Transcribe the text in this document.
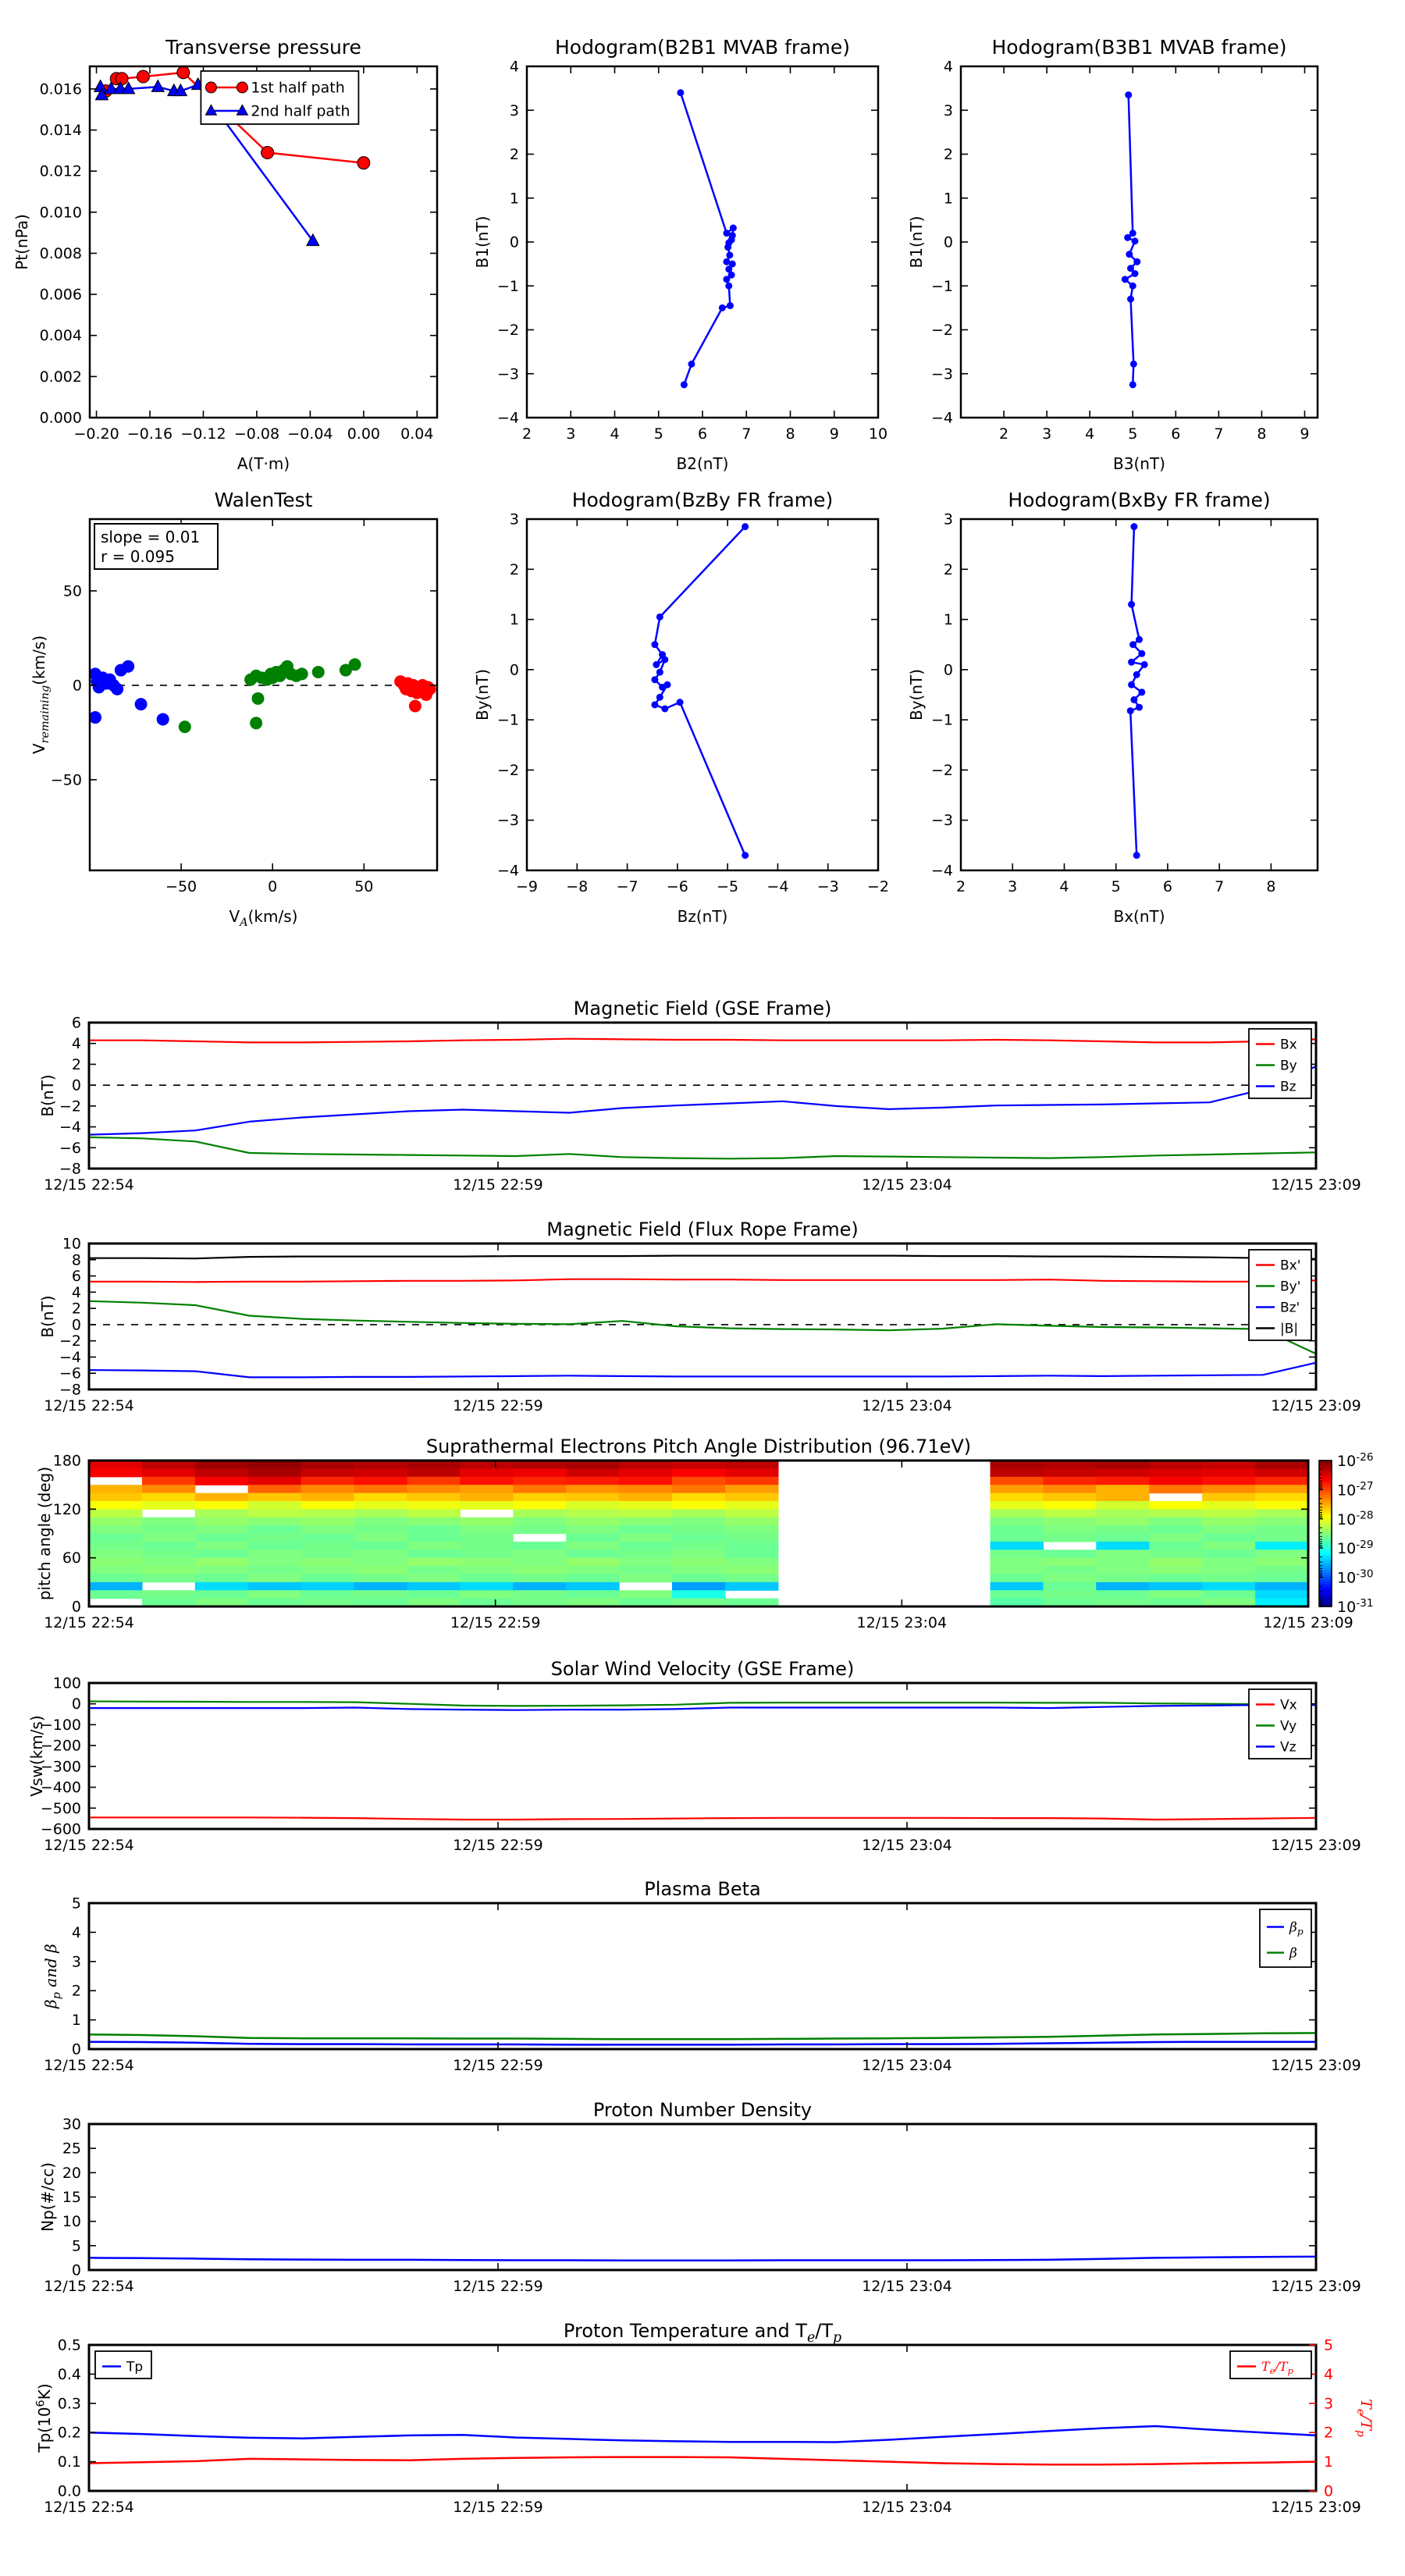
−0.20 −0.16 −0.12 −0.08 −0.04 0.00 0.04
0.000
0.002
0.004
0.006
0.008
0.010
0.012
0.014
0.016
Transverse pressure
A(T·m)
Pt(nPa)
1st half path
2nd half path
2 3 4 5 6 7 8 9 10
−4
−3
−2
−1
0
1
2
3
4
Hodogram(B2B1 MVAB frame)
B2(nT)
B1(nT)
2 3 4 5 6 7 8 9
−4
−3
−2
−1
0
1
2
3
4
Hodogram(B3B1 MVAB frame)
B3(nT)
B1(nT)
−50	0	50
−50
0
50
WalenTest
$V_A(km/s)$
$V_{remaining}(km/s)$
slope = 0.01
r = 0.095
−9 −8 −7 −6 −5 −4 −3 −2
−4
−3
−2
−1
0
1
2
3
Hodogram(BzBy FR frame)
Bz(nT)
By(nT)
2	3	4	5	6	7	8
−4
−3
−2
−1
0
1
2
3
Hodogram(BxBy FR frame)
Bx(nT)
By(nT)
12/15 22:54	12/15 22:59	12/15 23:04	12/15 23:09
−8
−6
−4
−2
0
2
4
6
Magnetic Field (GSE Frame)
B(nT)
Bx
By
Bz
12/15 22:54	12/15 22:59	12/15 23:04	12/15 23:09
−8
−6
−4
−2
0
2
4
6
8
10
Magnetic Field (Flux Rope Frame)
B(nT)
Bx'
By'
Bz'
|B|
12/15 22:54	12/15 22:59	12/15 23:04	12/15 23:09
0
60
120
180
Suprathermal Electrons Pitch Angle Distribution (96.71eV)
pitch angle (deg)
$10^{-26}$
$10^{-27}$
$10^{-28}$
$10^{-29}$
$10^{-30}$
$10^{-31}$
12/15 22:54	12/15 22:59	12/15 23:04	12/15 23:09
−600
−500
−400
−300
−200
−100
0
100
Solar Wind Velocity (GSE Frame)
Vsw(km/s)
Vx
Vy
Vz
12/15 22:54	12/15 22:59	12/15 23:04	12/15 23:09
0
1
2
3
4
5
Plasma Beta
$\beta_p$ and β
$\beta_p$
β
12/15 22:54	12/15 22:59	12/15 23:04	12/15 23:09
0
5
10
15
20
25
30
Proton Number Density
Np(#/cc)
12/15 22:54	12/15 22:59	12/15 23:04	12/15 23:09
0.0
0.1
0.2
0.3
0.4
0.5
0
1
2
3
4
5
Proton Temperature and $T_e/T_p$
$Tp(10^6K)$
$T_e/T_p$
Tp	$T_e/T_p$
